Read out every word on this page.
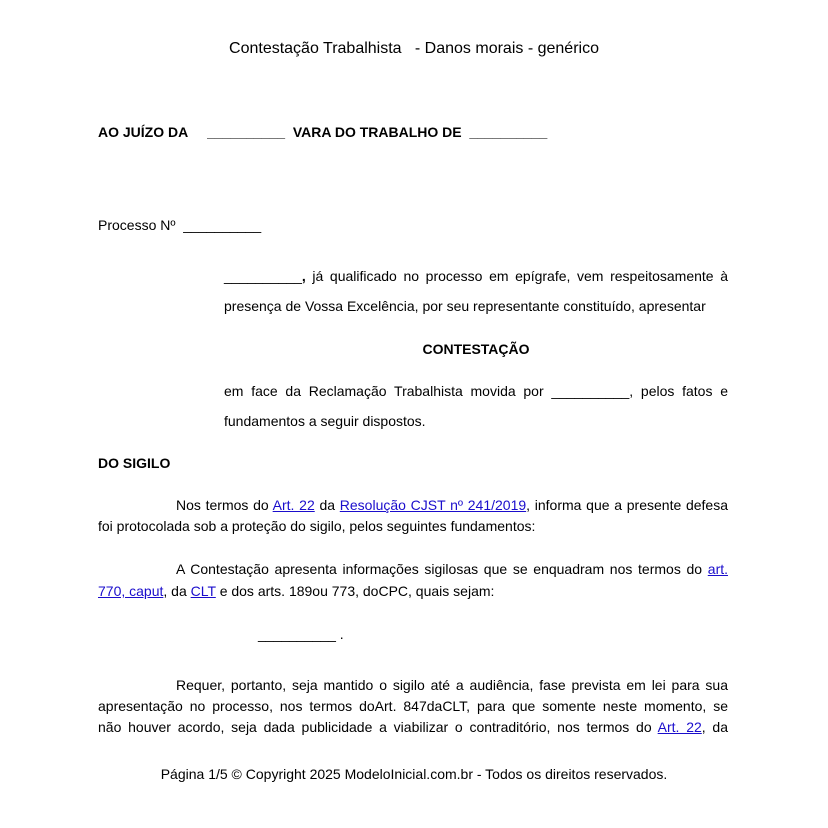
Contestação Trabalhista   - Danos morais - genérico
AO JUÍZO DA __________ VARA DO TRABALHO DE __________
Processo Nº __________
__________, já qualificado no processo em epígrafe, vem respeitosamente à
presença de Vossa Excelência, por seu representante constituído, apresentar
CONTESTAÇÃO
em face da Reclamação Trabalhista movida por __________, pelos fatos e
fundamentos a seguir dispostos.
DO SIGILO
Nos termos do Art. 22 da Resolução CJST nº 241/2019, informa que a presente defesa
foi protocolada sob a proteção do sigilo, pelos seguintes fundamentos:
A Contestação apresenta informações sigilosas que se enquadram nos termos do art.
770, caput, da CLT e dos arts. 189ou 773, doCPC, quais sejam:
__________ .
Requer, portanto, seja mantido o sigilo até a audiência, fase prevista em lei para sua
apresentação no processo, nos termos doArt. 847daCLT, para que somente neste momento, se
não houver acordo, seja dada publicidade a viabilizar o contraditório, nos termos do Art. 22, da
Página 1/5 © Copyright 2025 ModeloInicial.com.br - Todos os direitos reservados.
